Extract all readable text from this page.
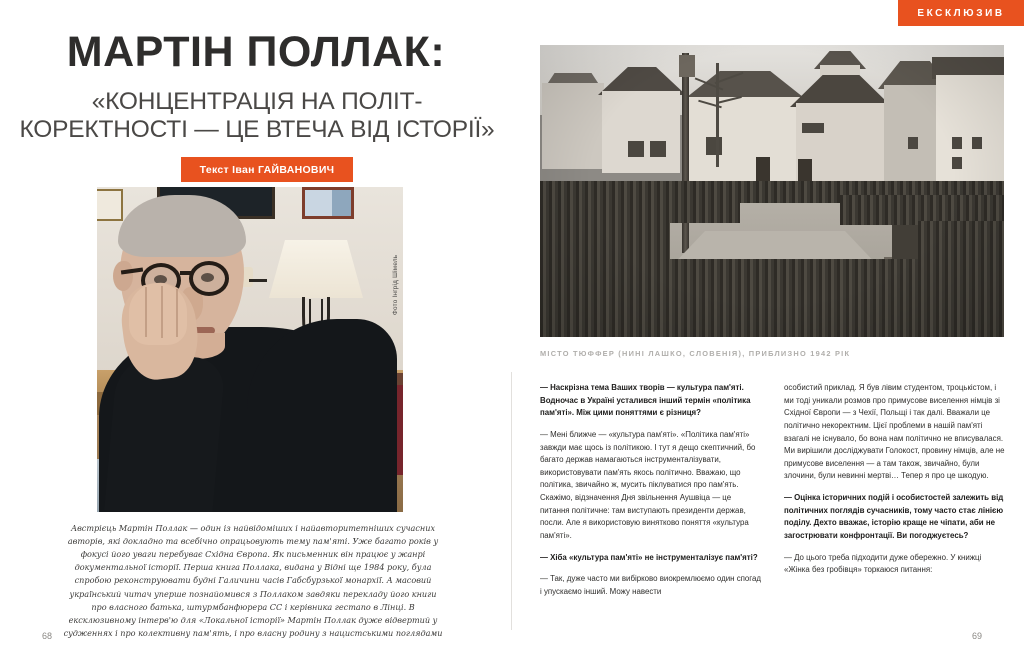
МАРТІН ПОЛЛАК:
«КОНЦЕНТРАЦІЯ НА ПОЛІТ-
КОРЕКТНОСТІ — ЦЕ ВТЕЧА ВІД ІСТОРІЇ»
Текст Іван ГАЙВАНОВИЧ
Фото Інгрід Шімель
Австрієць Мартін Поллак — один із найвідоміших і найавторитетніших сучасних авторів, які докладно та всебічно опрацьовують тему пам'яті. Уже багато років у фокусі його уваги перебуває Східна Європа. Як письменник він працює у жанрі документальної історії. Перша книга Поллака, видана у Відні ще 1984 року, була спробою реконструювати будні Галичини часів Габсбурзької монархії. А масовий український читач уперше познайомився з Поллаком завдяки перекладу його книги про власного батька, штурмбанфюрера СС і керівника гестапо в Лінці. В ексклюзивному інтерв'ю для «Локальної історії» Мартін Поллак дуже відвертий у судженнях і про колективну пам'ять, і про власну родину з нацистськими поглядами
68
ЕКСКЛЮЗИВ
МІСТО ТЮФФЕР (НИНІ ЛАШКО, СЛОВЕНІЯ), ПРИБЛИЗНО 1942 РІК

— Наскрізна тема Ваших творів — культура пам'яті. Водночас в Україні усталився інший термін «політика пам'яті». Між цими поняттями є різниця?

— Мені ближче — «культура пам'яті». «Політика пам'яті» завжди має щось із політикою. І тут я дещо скептичний, бо багато держав намагаються інструменталізувати, використовувати пам'ять якось політично. Вважаю, що політика, звичайно ж, мусить піклуватися про пам'ять. Скажімо, відзначення Дня звільнення Аушвіца — це питання політичне: там виступають президенти держав, посли. Але я використовую винятково поняття «культура пам'яті».

— Хіба «культура пам'яті» не інструменталізує пам'яті?

— Так, дуже часто ми вибірково виокремлюємо один спогад і упускаємо інший. Можу навести

особистий приклад. Я був лівим студентом, троцькістом, і ми тоді уникали розмов про примусове виселення німців зі Східної Європи — з Чехії, Польщі і так далі. Вважали це політично некоректним. Цієї проблеми в нашій пам'яті взагалі не існувало, бо вона нам політично не вписувалася. Ми вирішили досліджувати Голокост, провину німців, але не примусове виселення — а там також, звичайно, були злочини, були невинні мертві… Тепер я про це шкодую.

— Оцінка історичних подій і особистостей залежить від політичних поглядів сучасників, тому часто стає лінією поділу. Дехто вважає, історію краще не чіпати, аби не загострювати конфронтації. Ви погоджуєтесь?

— До цього треба підходити дуже обережно. У книжці «Жінка без гробівця» торкаюся питання:

69
